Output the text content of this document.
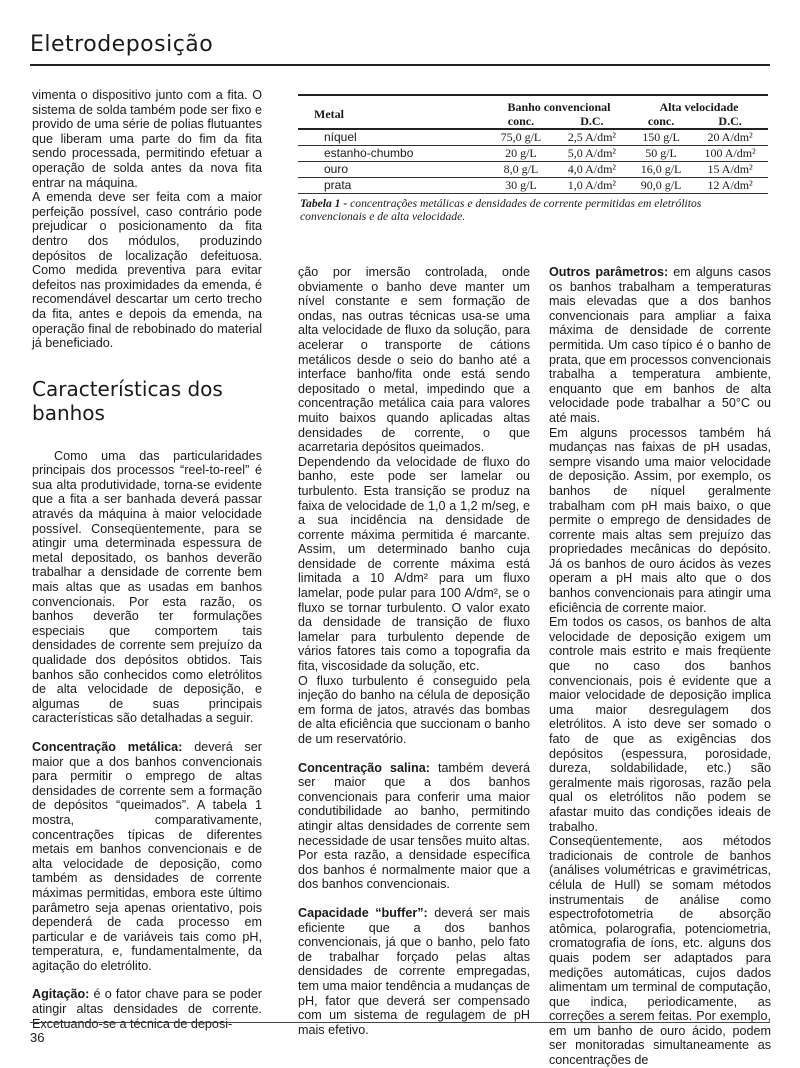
Eletrodeposição

vimenta o dispositivo junto com a fita. O sistema de solda também pode ser fixo e provido de uma série de polias flutuantes que liberam uma parte do fim da fita sendo processada, permitindo efetuar a operação de solda antes da nova fita entrar na máquina.

A emenda deve ser feita com a maior perfeição possível, caso contrário pode prejudicar o posicionamento da fita dentro dos módulos, produzindo depósitos de localização defeituosa. Como medida preventiva para evitar defeitos nas proximidades da emenda, é recomendável descartar um certo trecho da fita, antes e depois da emenda, na operação final de rebobinado do material já beneficiado.

Características dos banhos

Como uma das particularidades principais dos processos “reel-to-reel” é sua alta produtividade, torna-se evidente que a fita a ser banhada deverá passar através da máquina à maior velocidade possível. Conseqüentemente, para se atingir uma determinada espessura de metal depositado, os banhos deverão trabalhar a densidade de corrente bem mais altas que as usadas em banhos convencionais. Por esta razão, os banhos deverão ter formulações especiais que comportem tais densidades de corrente sem prejuízo da qualidade dos depósitos obtidos. Tais banhos são conhecidos como eletrólitos de alta velocidade de deposição, e algumas de suas principais características são detalhadas a seguir.

Concentração metálica: deverá ser maior que a dos banhos convencionais para permitir o emprego de altas densidades de corrente sem a formação de depósitos “queimados”. A tabela 1 mostra, comparativamente, concentrações típicas de diferentes metais em banhos convencionais e de alta velocidade de deposição, como também as densidades de corrente máximas permitidas, embora este último parâmetro seja apenas orientativo, pois dependerá de cada processo em particular e de variáveis tais como pH, temperatura, e, fundamentalmente, da agitação do eletrólito.

Agitação: é o fator chave para se poder atingir altas densidades de corrente. Excetuando-se a técnica de deposi-

Metal	Banho convencional		Alta velocidade	
	conc.	D.C.	conc.	D.C.
níquel	75,0 g/L	2,5 A/dm²	150 g/L	20 A/dm²
estanho-chumbo	20 g/L	5,0 A/dm²	50 g/L	100 A/dm²
ouro	8,0 g/L	4,0 A/dm²	16,0 g/L	15 A/dm²
prata	30 g/L	1,0 A/dm²	90,0 g/L	12 A/dm²
Tabela 1 - concentrações metálicas e densidades de corrente permitidas em eletrólitos convencionais e de alta velocidade.

ção por imersão controlada, onde obviamente o banho deve manter um nível constante e sem formação de ondas, nas outras técnicas usa-se uma alta velocidade de fluxo da solução, para acelerar o transporte de cátions metálicos desde o seio do banho até a interface banho/fita onde está sendo depositado o metal, impedindo que a concentração metálica caia para valores muito baixos quando aplicadas altas densidades de corrente, o que acarretaria depósitos queimados.

Dependendo da velocidade de fluxo do banho, este pode ser lamelar ou turbulento. Esta transição se produz na faixa de velocidade de 1,0 a 1,2 m/seg, e a sua incidência na densidade de corrente máxima permitida é marcante. Assim, um determinado banho cuja densidade de corrente máxima está limitada a 10 A/dm² para um fluxo lamelar, pode pular para 100 A/dm², se o fluxo se tornar turbulento. O valor exato da densidade de transição de fluxo lamelar para turbulento depende de vários fatores tais como a topografia da fita, viscosidade da solução, etc.

O fluxo turbulento é conseguido pela injeção do banho na célula de deposição em forma de jatos, através das bombas de alta eficiência que succionam o banho de um reservatório.

Concentração salina: também deverá ser maior que a dos banhos convencionais para conferir uma maior condutibilidade ao banho, permitindo atingir altas densidades de corrente sem necessidade de usar tensões muito altas. Por esta razão, a densidade específica dos banhos é normalmente maior que a dos banhos convencionais.

Capacidade “buffer”: deverá ser mais eficiente que a dos banhos convencionais, já que o banho, pelo fato de trabalhar forçado pelas altas densidades de corrente empregadas, tem uma maior tendência a mudanças de pH, fator que deverá ser compensado com um sistema de regulagem de pH mais efetivo.

Outros parâmetros: em alguns casos os banhos trabalham a temperaturas mais elevadas que a dos banhos convencionais para ampliar a faixa máxima de densidade de corrente permitida. Um caso típico é o banho de prata, que em processos convencionais trabalha a temperatura ambiente, enquanto que em banhos de alta velocidade pode trabalhar a 50°C ou até mais.

Em alguns processos também há mudanças nas faixas de pH usadas, sempre visando uma maior velocidade de deposição. Assim, por exemplo, os banhos de níquel geralmente trabalham com pH mais baixo, o que permite o emprego de densidades de corrente mais altas sem prejuízo das propriedades mecânicas do depósito. Já os banhos de ouro ácidos às vezes operam a pH mais alto que o dos banhos convencionais para atingir uma eficiência de corrente maior.

Em todos os casos, os banhos de alta velocidade de deposição exigem um controle mais estrito e mais freqüente que no caso dos banhos convencionais, pois é evidente que a maior velocidade de deposição implica uma maior desregulagem dos eletrólitos. A isto deve ser somado o fato de que as exigências dos depósitos (espessura, porosidade, dureza, soldabilidade, etc.) são geralmente mais rigorosas, razão pela qual os eletrólitos não podem se afastar muito das condições ideais de trabalho.

Conseqüentemente, aos métodos tradicionais de controle de banhos (análises volumétricas e gravimétricas, célula de Hull) se somam métodos instrumentais de análise como espectrofotometria de absorção atômica, polarografia, potenciometria, cromatografia de íons, etc. alguns dos quais podem ser adaptados para medições automáticas, cujos dados alimentam um terminal de computação, que indica, periodicamente, as correções a serem feitas. Por exemplo, em um banho de ouro ácido, podem ser monitoradas simultaneamente as concentrações de

36
